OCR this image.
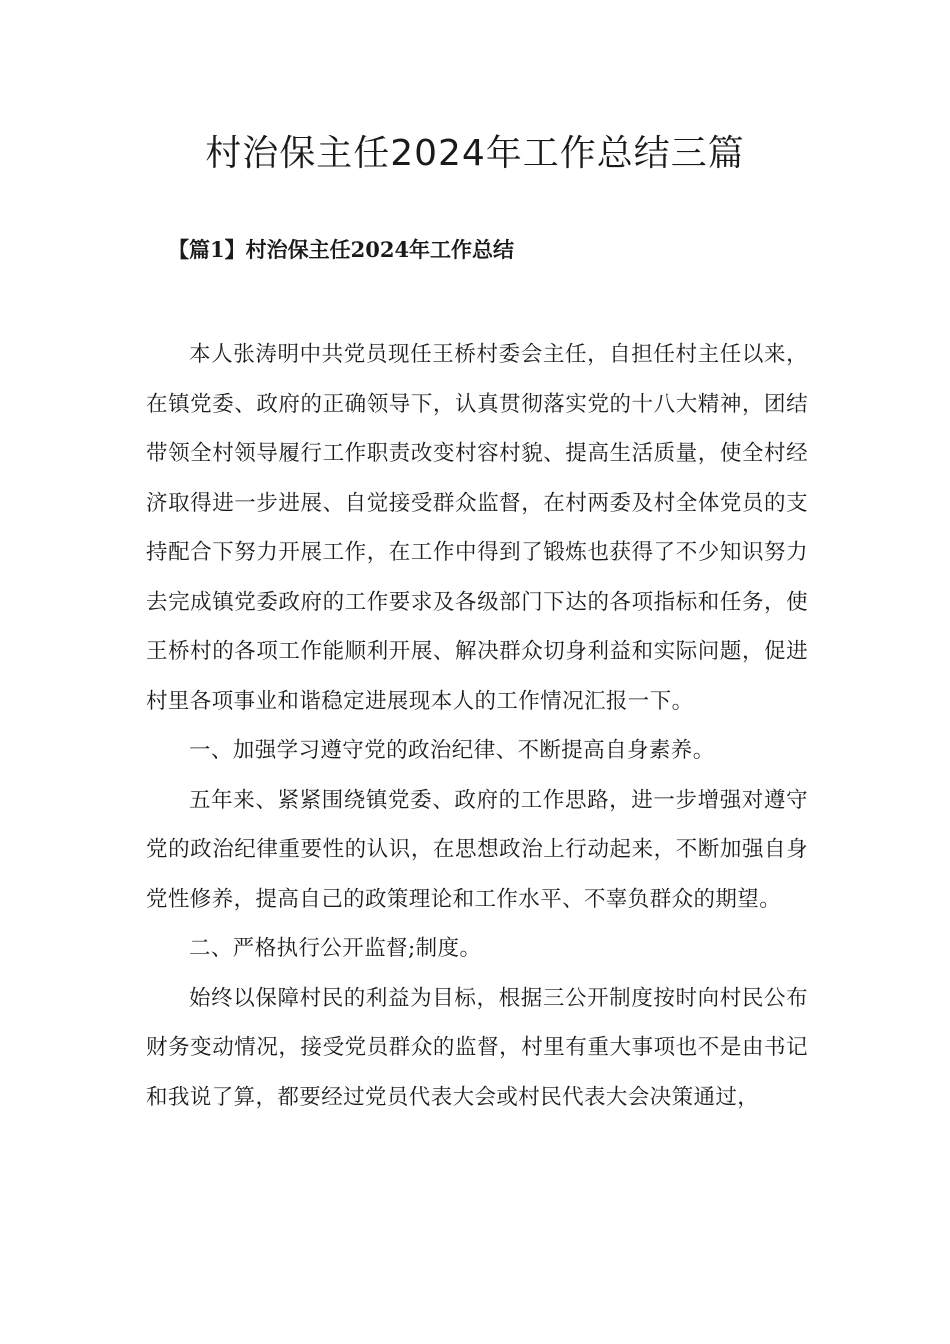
村治保主任2024年工作总结三篇
【篇1】村治保主任2024年工作总结

本人张涛明中共党员现任王桥村委会主任，自担任村主任以来，在镇党委、政府的正确领导下，认真贯彻落实党的十八大精神，团结带领全村领导履行工作职责改变村容村貌、提高生活质量，使全村经济取得进一步进展、自觉接受群众监督，在村两委及村全体党员的支持配合下努力开展工作，在工作中得到了锻炼也获得了不少知识努力去完成镇党委政府的工作要求及各级部门下达的各项指标和任务，使王桥村的各项工作能顺利开展、解决群众切身利益和实际问题，促进村里各项事业和谐稳定进展现本人的工作情况汇报一下。

一、加强学习遵守党的政治纪律、不断提高自身素养。

五年来、紧紧围绕镇党委、政府的工作思路，进一步增强对遵守党的政治纪律重要性的认识，在思想政治上行动起来，不断加强自身党性修养，提高自己的政策理论和工作水平、不辜负群众的期望。

二、严格执行公开监督;制度。

始终以保障村民的利益为目标，根据三公开制度按时向村民公布财务变动情况，接受党员群众的监督，村里有重大事项也不是由书记和我说了算，都要经过党员代表大会或村民代表大会决策通过，
